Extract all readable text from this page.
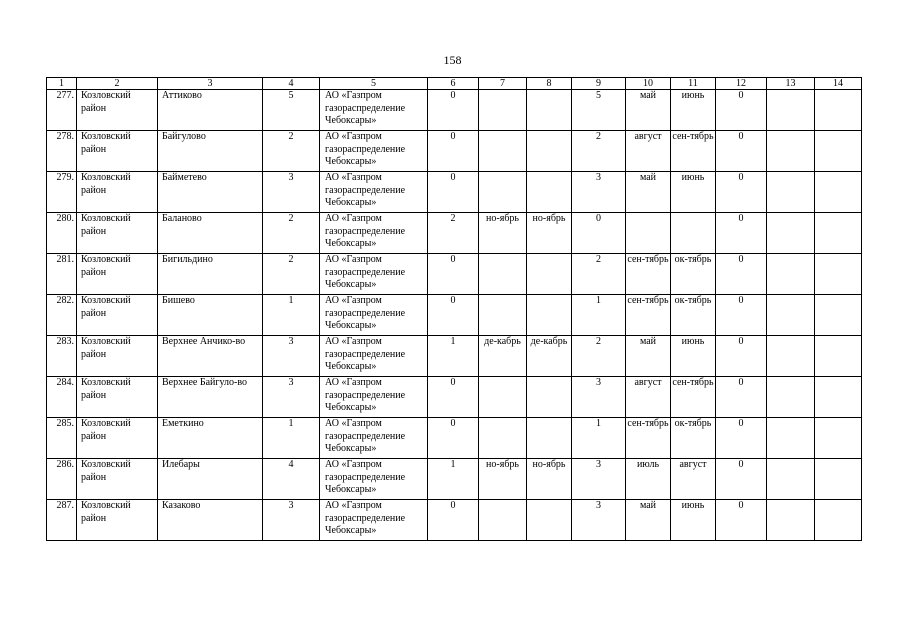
158
1	2	3	4	5	6	7	8	9	10	11	12	13	14
277.	Козловский район	Аттиково	5	АО «Газпром газораспределение Чебоксары»	0			5	май	июнь	0		
278.	Козловский район	Байгулово	2	АО «Газпром газораспределение Чебоксары»	0			2	август	сен-тябрь	0		
279.	Козловский район	Байметево	3	АО «Газпром газораспределение Чебоксары»	0			3	май	июнь	0		
280.	Козловский район	Баланово	2	АО «Газпром газораспределение Чебоксары»	2	но-ябрь	но-ябрь	0			0		
281.	Козловский район	Бигильдино	2	АО «Газпром газораспределение Чебоксары»	0			2	сен-тябрь	ок-тябрь	0		
282.	Козловский район	Бишево	1	АО «Газпром газораспределение Чебоксары»	0			1	сен-тябрь	ок-тябрь	0		
283.	Козловский район	Верхнее Анчико-во	3	АО «Газпром газораспределение Чебоксары»	1	де-кабрь	де-кабрь	2	май	июнь	0		
284.	Козловский район	Верхнее Байгуло-во	3	АО «Газпром газораспределение Чебоксары»	0			3	август	сен-тябрь	0		
285.	Козловский район	Еметкино	1	АО «Газпром газораспределение Чебоксары»	0			1	сен-тябрь	ок-тябрь	0		
286.	Козловский район	Илебары	4	АО «Газпром газораспределение Чебоксары»	1	но-ябрь	но-ябрь	3	июль	август	0		
287.	Козловский район	Казаково	3	АО «Газпром газораспределение Чебоксары»	0			3	май	июнь	0		
